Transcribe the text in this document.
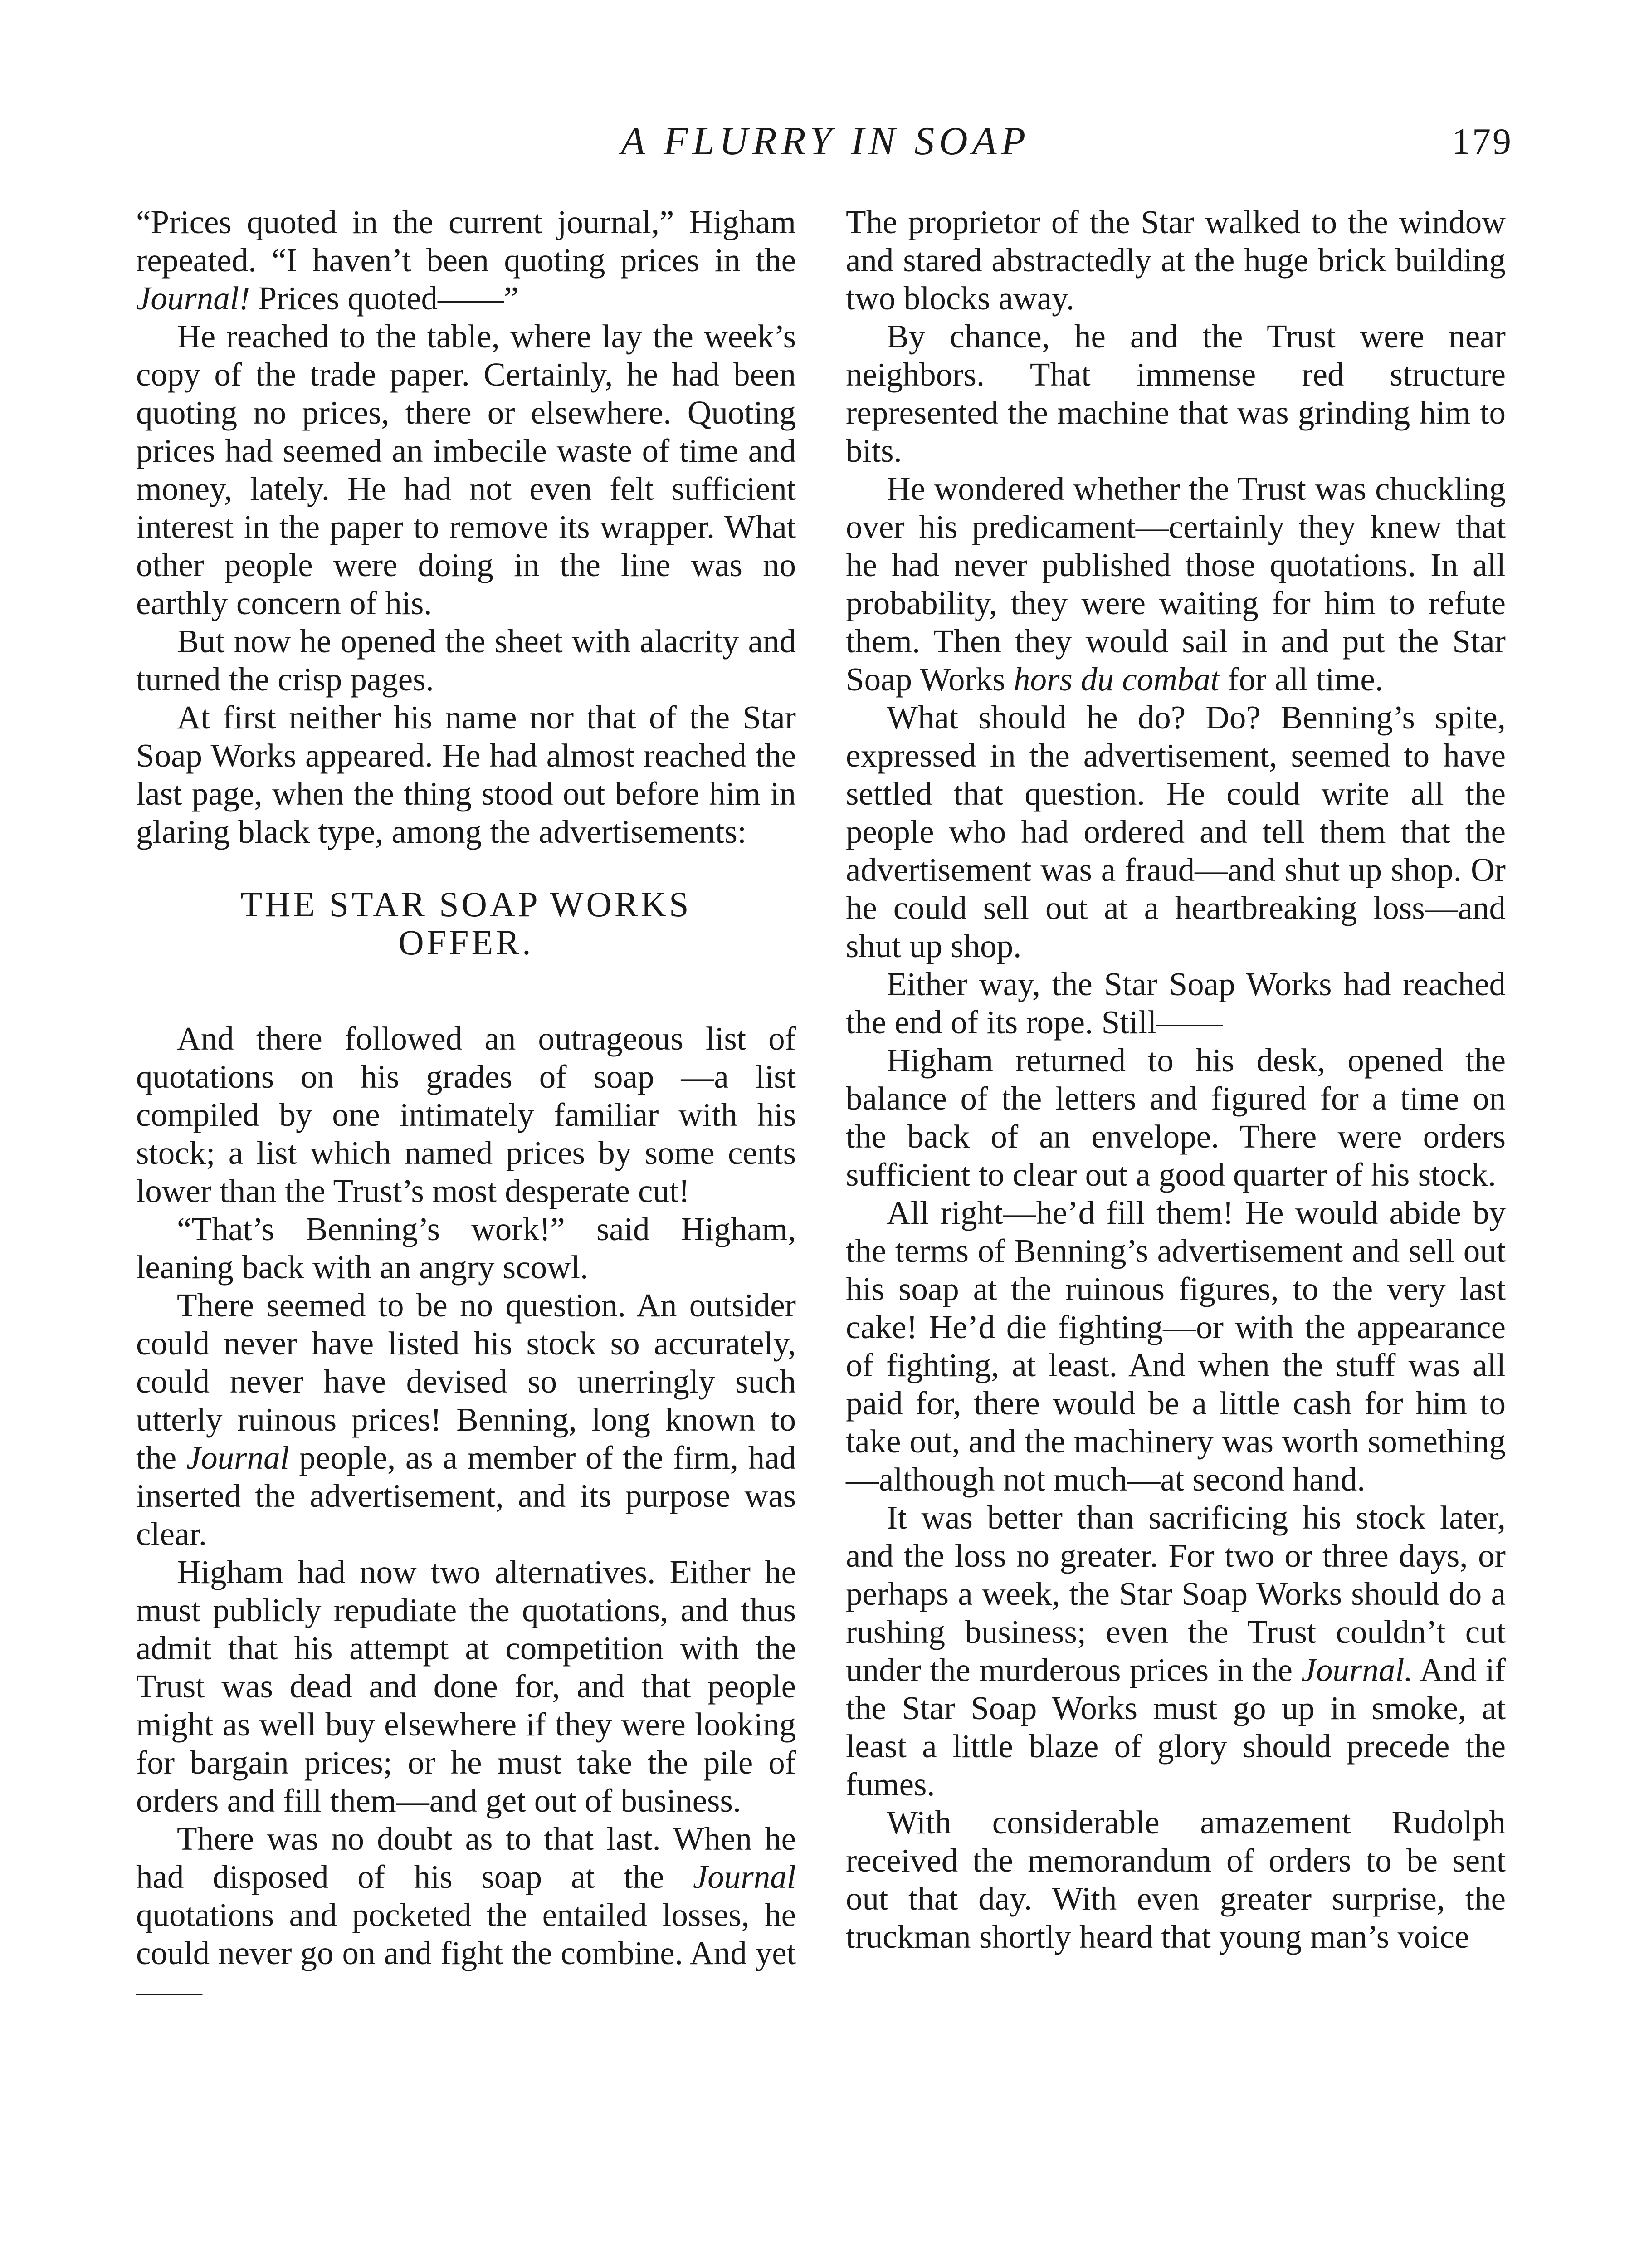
A FLURRY IN SOAP	179

“Prices quoted in the current journal,” Higham repeated. “I haven’t been quoting prices in the Journal! Prices quoted——”

He reached to the table, where lay the week’s copy of the trade paper. Certainly, he had been quoting no prices, there or elsewhere. Quoting prices had seemed an imbecile waste of time and money, lately. He had not even felt sufficient interest in the paper to remove its wrapper. What other people were doing in the line was no earthly concern of his.

But now he opened the sheet with alacrity and turned the crisp pages.

At first neither his name nor that of the Star Soap Works appeared. He had almost reached the last page, when the thing stood out before him in glaring black type, among the advertisements:

THE STAR SOAP WORKS
OFFER.

And there followed an outrageous list of quotations on his grades of soap —a list compiled by one intimately familiar with his stock; a list which named prices by some cents lower than the Trust’s most desperate cut!

“That’s Benning’s work!” said Higham, leaning back with an angry scowl.

There seemed to be no question. An outsider could never have listed his stock so accurately, could never have devised so unerringly such utterly ruinous prices! Benning, long known to the Journal people, as a member of the firm, had inserted the advertisement, and its purpose was clear.

Higham had now two alternatives. Either he must publicly repudiate the quotations, and thus admit that his attempt at competition with the Trust was dead and done for, and that people might as well buy elsewhere if they were looking for bargain prices; or he must take the pile of orders and fill them—and get out of business.

There was no doubt as to that last. When he had disposed of his soap at the Journal quotations and pocketed the entailed losses, he could never go on and fight the combine. And yet——

The proprietor of the Star walked to the window and stared abstractedly at the huge brick building two blocks away.

By chance, he and the Trust were near neighbors. That immense red structure represented the machine that was grinding him to bits.

He wondered whether the Trust was chuckling over his predicament—certainly they knew that he had never published those quotations. In all probability, they were waiting for him to refute them. Then they would sail in and put the Star Soap Works hors du combat for all time.

What should he do? Do? Benning’s spite, expressed in the advertisement, seemed to have settled that question. He could write all the people who had ordered and tell them that the advertisement was a fraud—and shut up shop. Or he could sell out at a heartbreaking loss—and shut up shop.

Either way, the Star Soap Works had reached the end of its rope. Still——

Higham returned to his desk, opened the balance of the letters and figured for a time on the back of an envelope. There were orders sufficient to clear out a good quarter of his stock.

All right—he’d fill them! He would abide by the terms of Benning’s advertisement and sell out his soap at the ruinous figures, to the very last cake! He’d die fighting—or with the appearance of fighting, at least. And when the stuff was all paid for, there would be a little cash for him to take out, and the machinery was worth something—although not much—at second hand.

It was better than sacrificing his stock later, and the loss no greater. For two or three days, or perhaps a week, the Star Soap Works should do a rushing business; even the Trust couldn’t cut under the murderous prices in the Journal. And if the Star Soap Works must go up in smoke, at least a little blaze of glory should precede the fumes.

With considerable amazement Rudolph received the memorandum of orders to be sent out that day. With even greater surprise, the truckman shortly heard that young man’s voice
